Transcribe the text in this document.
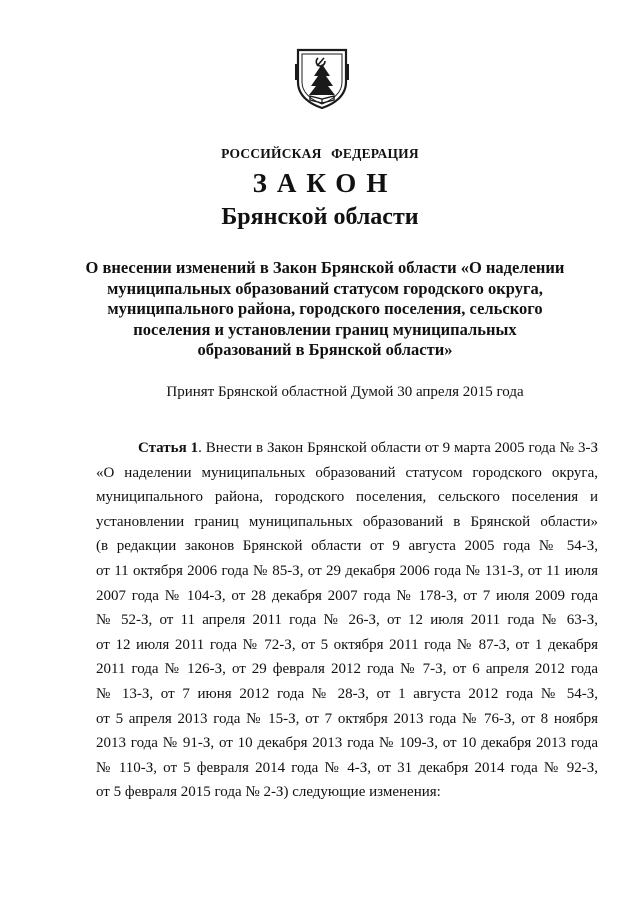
РОССИЙСКАЯ ФЕДЕРАЦИЯ
ЗАКОН
Брянской области
О внесении изменений в Закон Брянской области «О наделении
муниципальных образований статусом городского округа,
муниципального района, городского поселения, сельского
поселения и установлении границ муниципальных
образований в Брянской области»
Принят Брянской областной Думой 30 апреля 2015 года
Статья 1. Внести в Закон Брянской области от 9 марта 2005 года № 3-З
«О наделении муниципальных образований статусом городского округа,
муниципального района, городского поселения, сельского поселения и
установлении границ муниципальных образований в Брянской области»
(в редакции законов Брянской области от 9 августа 2005 года № 54-З,
от 11 октября 2006 года № 85-З, от 29 декабря 2006 года № 131-З, от 11 июля
2007 года № 104-З, от 28 декабря 2007 года № 178-З, от 7 июля 2009 года
№ 52-З, от 11 апреля 2011 года № 26-З, от 12 июля 2011 года № 63-З,
от 12 июля 2011 года № 72-З, от 5 октября 2011 года № 87-З, от 1 декабря
2011 года № 126-З, от 29 февраля 2012 года № 7-З, от 6 апреля 2012 года
№ 13-З, от 7 июня 2012 года № 28-З, от 1 августа 2012 года № 54-З,
от 5 апреля 2013 года № 15-З, от 7 октября 2013 года № 76-З, от 8 ноября
2013 года № 91-З, от 10 декабря 2013 года № 109-З, от 10 декабря 2013 года
№ 110-З, от 5 февраля 2014 года № 4-З, от 31 декабря 2014 года № 92-З,
от 5 февраля 2015 года № 2-З) следующие изменения:
